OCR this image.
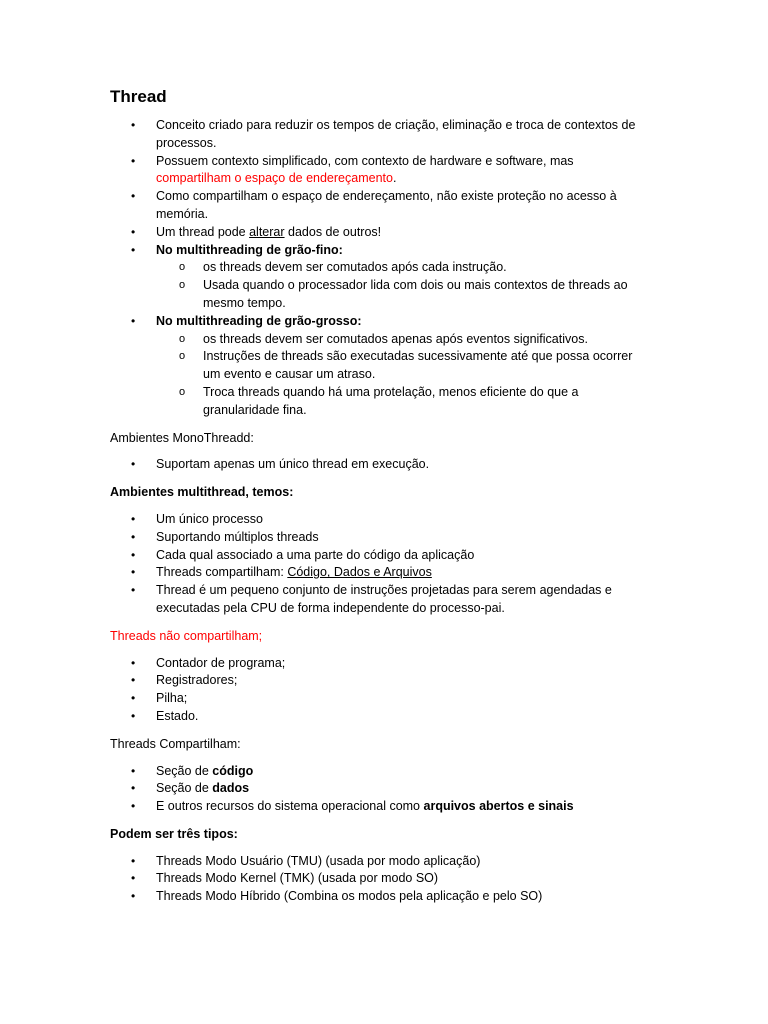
Thread
• Conceito criado para reduzir os tempos de criação, eliminação e troca de contextos de processos.
• Possuem contexto simplificado, com contexto de hardware e software, mas compartilham o espaço de endereçamento.
• Como compartilham o espaço de endereçamento, não existe proteção no acesso à memória.
• Um thread pode alterar dados de outros!
• No multithreading de grão-fino:
o os threads devem ser comutados após cada instrução.
o Usada quando o processador lida com dois ou mais contextos de threads ao mesmo tempo.
• No multithreading de grão-grosso:
o os threads devem ser comutados apenas após eventos significativos.
o Instruções de threads são executadas sucessivamente até que possa ocorrer um evento e causar um atraso.
o Troca threads quando há uma protelação, menos eficiente do que a granularidade fina.

Ambientes MonoThreadd:

• Suportam apenas um único thread em execução.

Ambientes multithread, temos:

• Um único processo
• Suportando múltiplos threads
• Cada qual associado a uma parte do código da aplicação
• Threads compartilham: Código, Dados e Arquivos
• Thread é um pequeno conjunto de instruções projetadas para serem agendadas e executadas pela CPU de forma independente do processo-pai.

Threads não compartilham;

• Contador de programa;
• Registradores;
• Pilha;
• Estado.

Threads Compartilham:

• Seção de código
• Seção de dados
• E outros recursos do sistema operacional como arquivos abertos e sinais

Podem ser três tipos:

• Threads Modo Usuário (TMU) (usada por modo aplicação)
• Threads Modo Kernel (TMK) (usada por modo SO)
• Threads Modo Híbrido (Combina os modos pela aplicação e pelo SO)
